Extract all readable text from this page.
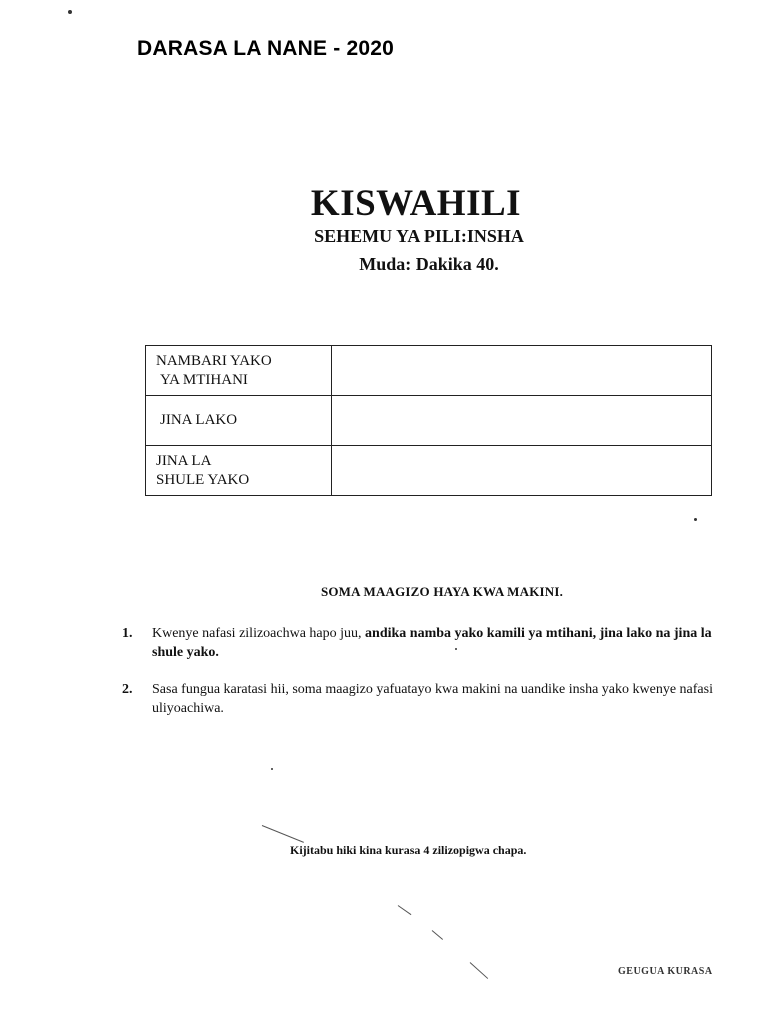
DARASA LA NANE - 2020
KISWAHILI
SEHEMU YA PILI:INSHA
Muda: Dakika 40.
NAMBARI YAKO
YA MTIHANI	

JINA LAKO	

JINA LA
SHULE YAKO	

SOMA MAAGIZO HAYA KWA MAKINI.
1. Kwenye nafasi zilizoachwa hapo juu, andika namba yako kamili ya mtihani, jina lako na jina la shule yako.
2. Sasa fungua karatasi hii, soma maagizo yafuatayo kwa makini na uandike insha yako kwenye nafasi uliyoachiwa.
Kijitabu hiki kina kurasa 4 zilizopigwa chapa.
GEUGUA KURASA
